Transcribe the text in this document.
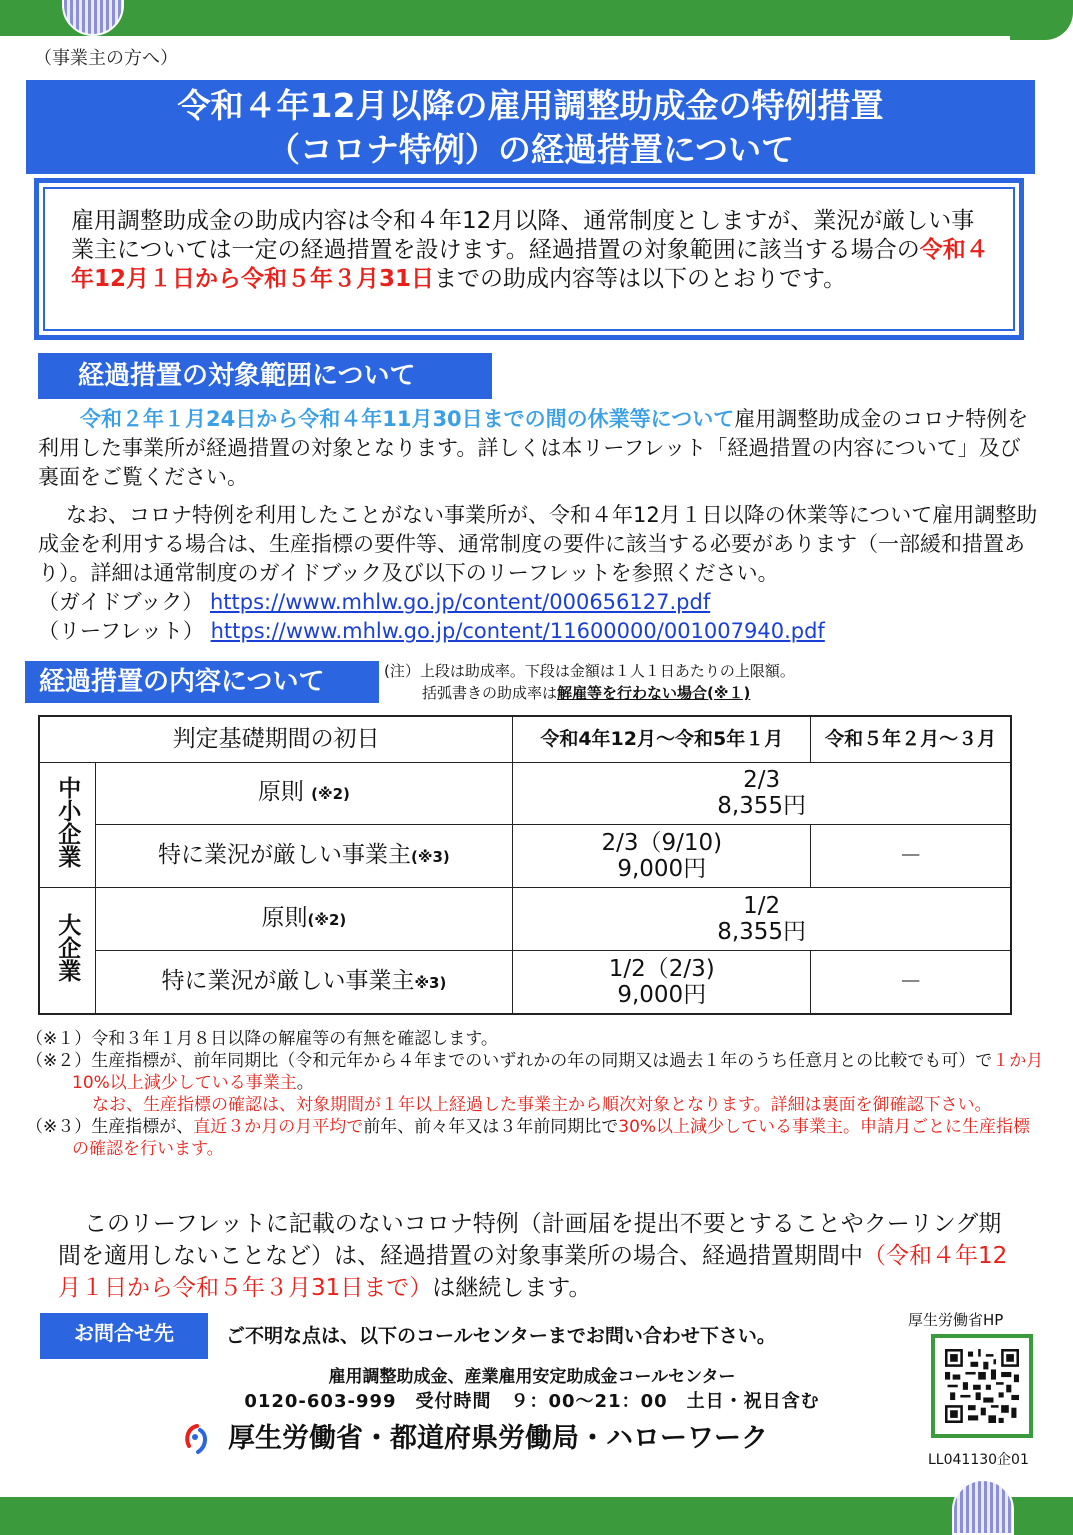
（事業主の方へ）
令和４年12月以降の雇用調整助成金の特例措置
（コロナ特例）の経過措置について
雇用調整助成金の助成内容は令和４年12月以降、通常制度としますが、業況が厳しい事業主については一定の経過措置を設けます。経過措置の対象範囲に該当する場合の令和４年12月１日から令和５年３月31日までの助成内容等は以下のとおりです。
経過措置の対象範囲について
　　令和２年１月24日から令和４年11月30日までの間の休業等について雇用調整助成金のコロナ特例を利用した事業所が経過措置の対象となります。詳しくは本リーフレット「経過措置の内容について」及び裏面をご覧ください。
なお、コロナ特例を利用したことがない事業所が、令和４年12月１日以降の休業等について雇用調整助成金を利用する場合は、生産指標の要件等、通常制度の要件に該当する必要があります（一部緩和措置あり）。詳細は通常制度のガイドブック及び以下のリーフレットを参照ください。
（ガイドブック） https://www.mhlw.go.jp/content/000656127.pdf
（リーフレット） https://www.mhlw.go.jp/content/11600000/001007940.pdf
経過措置の内容について	(注）上段は助成率。下段は金額は１人１日あたりの上限額。
括弧書きの助成率は解雇等を行わない場合(※１)
判定基礎期間の初日		令和4年12月～令和5年１月	令和５年２月～３月
中小企業	原則 (※2)	2/3
8,355円	

	特に業況が厳しい事業主(※3)	2/3（9/10)
9,000円	－
大企業	原則(※2)	1/2
8,355円	

	特に業況が厳しい事業主※3)	1/2（2/3)
9,000円	－
（※１）令和３年１月８日以降の解雇等の有無を確認します。
（※２）生産指標が、前年同期比（令和元年から４年までのいずれかの年の同期又は過去１年のうち任意月との比較でも可）で１か月10%以上減少している事業主。
なお、生産指標の確認は、対象期間が１年以上経過した事業主から順次対象となります。詳細は裏面を御確認下さい。
（※３）生産指標が、直近３か月の月平均で前年、前々年又は３年前同期比で30%以上減少している事業主。申請月ごとに生産指標の確認を行います。
このリーフレットに記載のないコロナ特例（計画届を提出不要とすることやクーリング期間を適用しないことなど）は、経過措置の対象事業所の場合、経過措置期間中（令和４年12月１日から令和５年３月31日まで）は継続します。
お問合せ先	ご不明な点は、以下のコールセンターまでお問い合わせ下さい。
雇用調整助成金、産業雇用安定助成金コールセンター
0120-603-999　受付時間　９：00～21：00　土日・祝日含む
厚生労働省・都道府県労働局・ハローワーク
厚生労働省HP
LL041130企01
